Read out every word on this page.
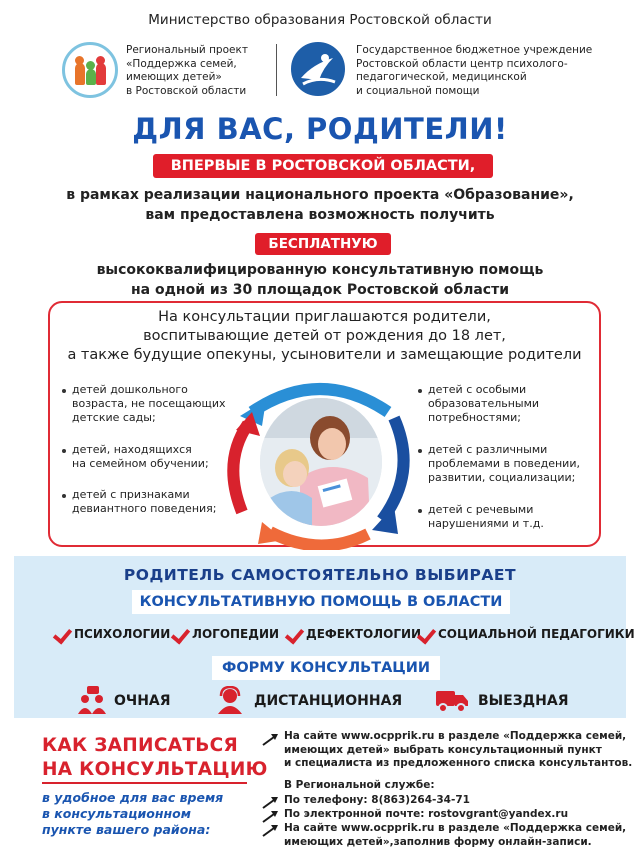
Министерство образования Ростовской области
Региональный проект
«Поддержка семей,
имеющих детей»
в Ростовской области
Государственное бюджетное учреждение
Ростовской области центр психолого-
педагогической, медицинской
и социальной помощи
ДЛЯ ВАС, РОДИТЕЛИ!
ВПЕРВЫЕ В РОСТОВСКОЙ ОБЛАСТИ,
в рамках реализации национального проекта «Образование»,
вам предоставлена возможность получить
БЕСПЛАТНУЮ
высококвалифицированную консультативную помощь
на одной из 30 площадок Ростовской области
На консультации приглашаются родители,
воспитывающие детей от рождения до 18 лет,
а также будущие опекуны, усыновители и замещающие родители
детей дошкольного
возраста, не посещающих
детские сады;
детей, находящихся
на семейном обучении;
детей с признаками
девиантного поведения;
детей с особыми
образовательными
потребностями;
детей с различными
проблемами в поведении,
развитии, социализации;
детей с речевыми
нарушениями и т.д.
РОДИТЕЛЬ САМОСТОЯТЕЛЬНО ВЫБИРАЕТ
КОНСУЛЬТАТИВНУЮ ПОМОЩЬ В ОБЛАСТИ
ПСИХОЛОГИИ	ЛОГОПЕДИИ	ДЕФЕКТОЛОГИИ	СОЦИАЛЬНОЙ ПЕДАГОГИКИ
ФОРМУ КОНСУЛЬТАЦИИ
ОЧНАЯ	ДИСТАНЦИОННАЯ	ВЫЕЗДНАЯ
КАК ЗАПИСАТЬСЯ
НА КОНСУЛЬТАЦИЮ
в удобное для вас время
в консультационном
пункте вашего района:
На сайте www.ocpprik.ru в разделе «Поддержка семей,
имеющих детей» выбрать консультационный пункт
и специалиста из предложенного списка консультантов.
В Региональной службе:
По телефону: 8(863)264-34-71
По электронной почте: rostovgrant@yandex.ru
На сайте www.ocpprik.ru в разделе «Поддержка семей,
имеющих детей»,заполнив форму онлайн-записи.
